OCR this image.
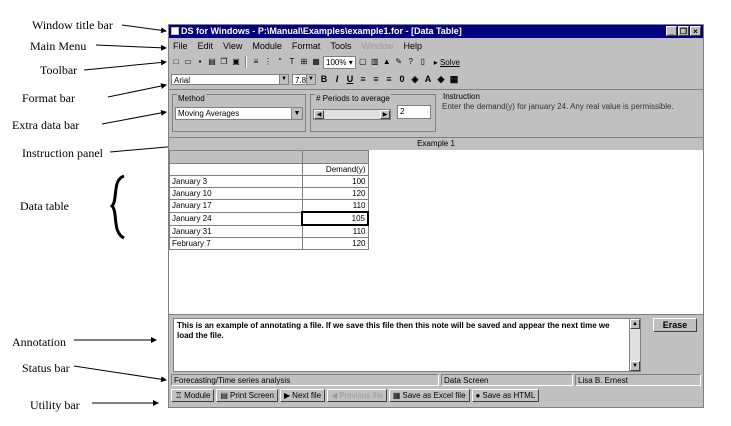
Window title bar
Main Menu
Toolbar
Format bar
Extra data bar
Instruction panel
Data table
Annotation
Status bar
Utility bar
DS for Windows - P:\Manual\Examples\example1.for - [Data Table]	_ ❐ ×
File Edit View Module Format Tools Window Help
□ ▭ ▪ ▤ ❐ ▣	≡ ⋮ "	T ⊞ ▦ 100% ▾ ▢ ▥ ▲ ✎ ? ▯	▸ Solve
Arial	▼	7.8 ▼ B I U ≡ ≡ ≡ 0 ◈ A ◆ ▦
Method
Moving Averages	▼
# Periods to average
◀	▶	2
Instruction
Enter the demand(y) for january 24. Any real value is permissible.
Example 1

	Demand(y)
January 3	100
January 10	120
January 17	110
January 24	105
January 31	110
February 7	120
This is an example of annotating a file. If we save this file then this note will be saved and appear the next time we load the file.
▲
▼
Erase
Forecasting/Time series analysis	Data Screen	Lisa B. Ernest
♖ Module ▤ Print Screen ▶ Next file ◀ Previous file ▦ Save as Excel file ● Save as HTML
